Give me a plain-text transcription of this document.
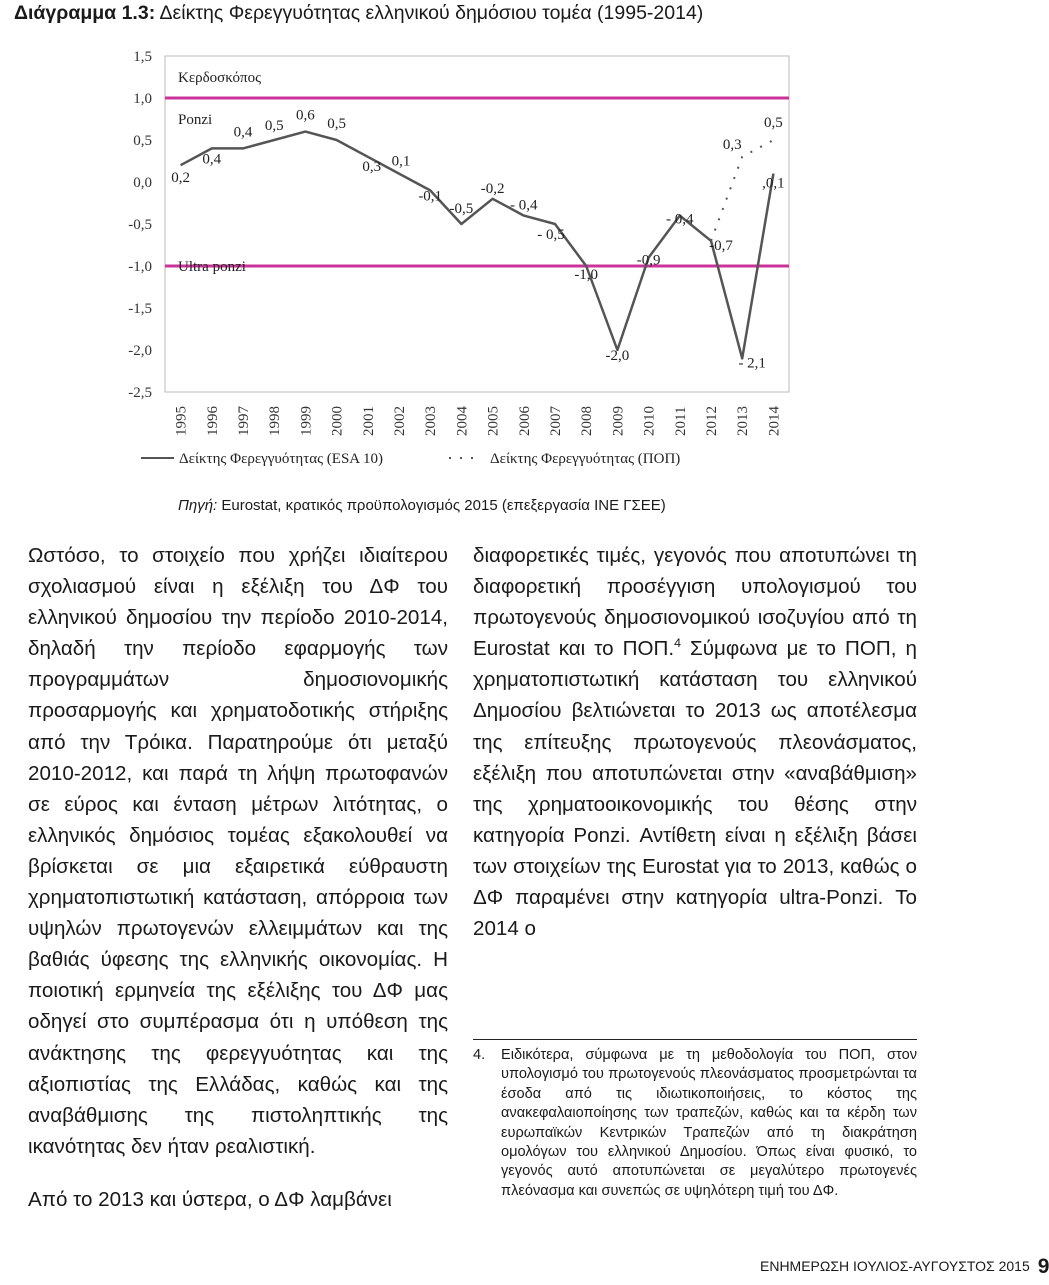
Διάγραμμα 1.3: Δείκτης Φερεγγυότητας ελληνικού δημόσιου τομέα (1995-2014)
1,5
1,0
0,5
0,0
-0,5
-1,0
-1,5
-2,0
-2,5
1995 1996 1997 1998 1999 2000 2001 2002 2003 2004 2005 2006 2007 2008 2009 2010 2011 2012 2013 2014
0,2
0,4
0,4 0,5
0,6
0,5
0,3 0,1
-0,1
-0,5
-0,2
- 0,4
- 0,5
-1,0
-2,0
-0,9
- 0,4
-0,7
- 2,1
0,3
0,5
,0,1
Κερδοσκόπος
Ponzi
Ultra ponzi
Δείκτης Φερεγγυότητας (ESA 10)	Δείκτης Φερεγγυότητας (ΠΟΠ)
Πηγή: Eurostat, κρατικός προϋπολογισμός 2015 (επεξεργασία ΙΝΕ ΓΣΕΕ)

Ωστόσο, το στοιχείο που χρήζει ιδιαίτερου σχολιασμού είναι η εξέλιξη του ΔΦ του ελληνικού δημοσίου την περίοδο 2010-2014, δηλαδή την περίοδο εφαρμογής των προγραμμάτων δημοσιονομικής προσαρμογής και χρηματοδοτικής στήριξης από την Τρόικα. Παρατηρούμε ότι μεταξύ 2010-2012, και παρά τη λήψη πρωτοφανών σε εύρος και ένταση μέτρων λιτότητας, ο ελληνικός δημόσιος τομέας εξακολουθεί να βρίσκεται σε μια εξαιρετικά εύθραυστη χρηματοπιστωτική κατάσταση, απόρροια των υψηλών πρωτογενών ελλειμμάτων και της βαθιάς ύφεσης της ελληνικής οικονομίας. Η ποιοτική ερμηνεία της εξέλιξης του ΔΦ μας οδηγεί στο συμπέρασμα ότι η υπόθεση της ανάκτησης της φερεγγυότητας και της αξιοπιστίας της Ελλάδας, καθώς και της αναβάθμισης της πιστοληπτικής της ικανότητας δεν ήταν ρεαλιστική.

Από το 2013 και ύστερα, ο ΔΦ λαμβάνει

διαφορετικές τιμές, γεγονός που αποτυπώνει τη διαφορετική προσέγγιση υπολογισμού του πρωτογενούς δημοσιονομικού ισοζυγίου από τη Eurostat και το ΠΟΠ.$^4$ Σύμφωνα με το ΠΟΠ, η χρηματοπιστωτική κατάσταση του ελληνικού Δημοσίου βελτιώνεται το 2013 ως αποτέλεσμα της επίτευξης πρωτογενούς πλεονάσματος, εξέλιξη που αποτυπώνεται στην «αναβάθμιση» της χρηματοοικονομικής του θέσης στην κατηγορία Ponzi. Αντίθετη είναι η εξέλιξη βάσει των στοιχείων της Eurostat για το 2013, καθώς ο ΔΦ παραμένει στην κατηγορία ultra-Ponzi. Το 2014 ο

4. Ειδικότερα, σύμφωνα με τη μεθοδολογία του ΠΟΠ, στον υπολογισμό του πρωτογενούς πλεονάσματος προσμετρώνται τα έσοδα από τις ιδιωτικοποιήσεις, το κόστος της ανακεφαλαιοποίησης των τραπεζών, καθώς και τα κέρδη των ευρωπαϊκών Κεντρικών Τραπεζών από τη διακράτηση ομολόγων του ελληνικού Δημοσίου. Όπως είναι φυσικό, το γεγονός αυτό αποτυπώνεται σε μεγαλύτερο πρωτογενές πλεόνασμα και συνεπώς σε υψηλότερη τιμή του ΔΦ.

ΕΝΗΜΕΡΩΣΗ ΙΟΥΛΙΟΣ-ΑΥΓΟΥΣΤΟΣ 2015 9
